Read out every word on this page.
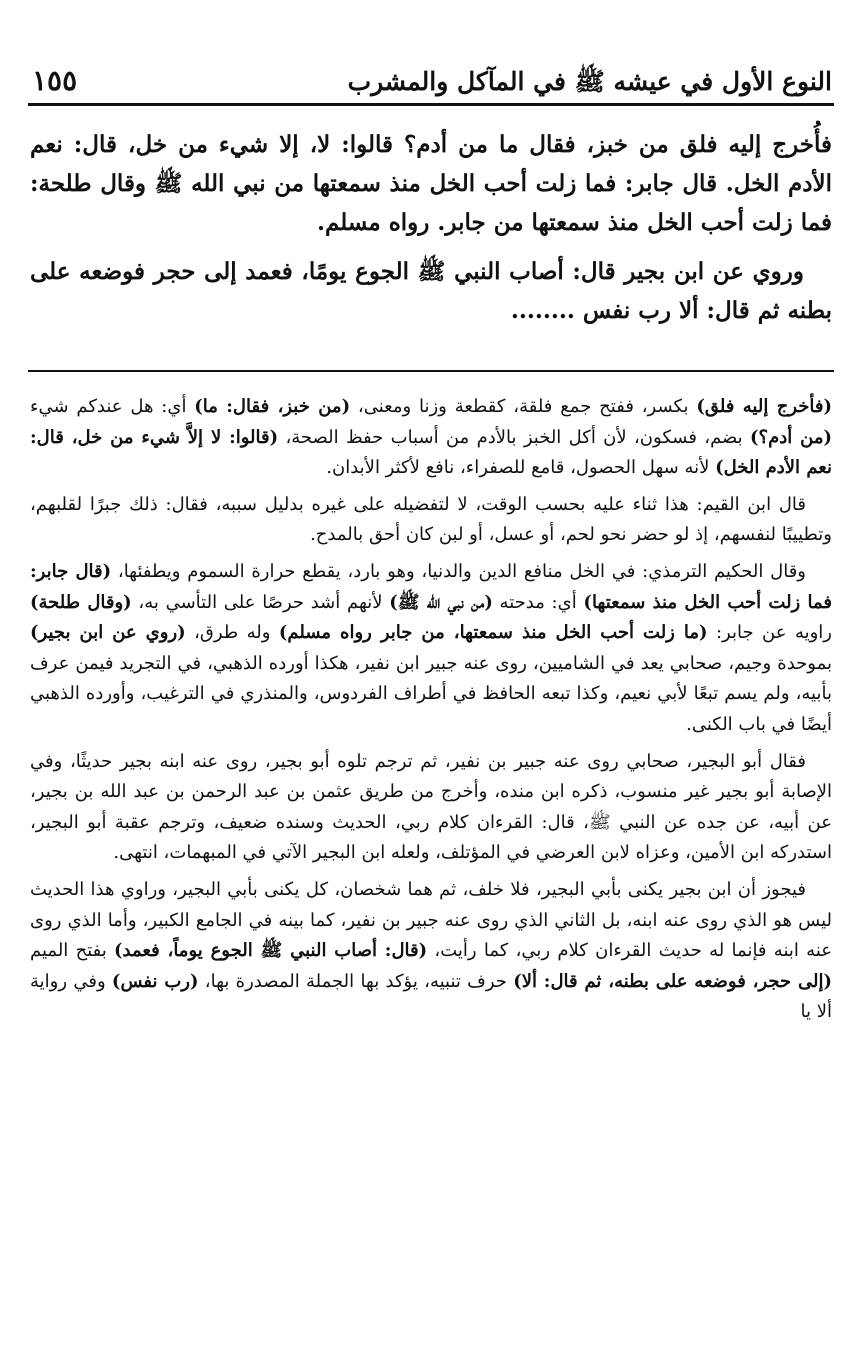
النوع الأول في عيشه ﷺ في المآكل والمشرب
١٥٥

فأُخرج إليه فلق من خبز، فقال ما من أدم؟ قالوا: لا، إلا شيء من خل، قال: نعم الأدم الخل. قال جابر: فما زلت أحب الخل منذ سمعتها من نبي الله ﷺ وقال طلحة: فما زلت أحب الخل منذ سمعتها من جابر. رواه مسلم.

وروي عن ابن بجير قال: أصاب النبي ﷺ الجوع يومًا، فعمد إلى حجر فوضعه على بطنه ثم قال: ألا رب نفس ........

(فأخرج إليه فلق) بكسر، ففتح جمع فلقة، كقطعة وزنا ومعنى، (من خبز، فقال: ما) أي: هل عندكم شيء (من أدم؟) بضم، فسكون، لأن أكل الخبز بالأدم من أسباب حفظ الصحة، (قالوا: لا إلاَّ شيء من خل، قال: نعم الأدم الخل) لأنه سهل الحصول، قامع للصفراء، نافع لأكثر الأبدان.

قال ابن القيم: هذا ثناء عليه بحسب الوقت، لا لتفضيله على غيره بدليل سببه، فقال: ذلك جبرًا لقلبهم، وتطييبًا لنفسهم، إذ لو حضر نحو لحم، أو عسل، أو لبن كان أحق بالمدح.

وقال الحكيم الترمذي: في الخل منافع الدين والدنيا، وهو بارد، يقطع حرارة السموم ويطفئها، (قال جابر: فما زلت أحب الخل منذ سمعتها) أي: مدحته (من نبي الله ﷺ) لأنهم أشد حرصًا على التأسي به، (وقال طلحة) راويه عن جابر: (ما زلت أحب الخل منذ سمعتها، من جابر رواه مسلم) وله طرق، (روي عن ابن بجير) بموحدة وجيم، صحابي يعد في الشاميين، روى عنه جبير ابن نفير، هكذا أورده الذهبي، في التجريد فيمن عرف بأبيه، ولم يسم تبعًا لأبي نعيم، وكذا تبعه الحافظ في أطراف الفردوس، والمنذري في الترغيب، وأورده الذهبي أيضًا في باب الكنى.

فقال أبو البجير، صحابي روى عنه جبير بن نفير، ثم ترجم تلوه أبو بجير، روى عنه ابنه بجير حديثًا، وفي الإصابة أبو بجير غير منسوب، ذكره ابن منده، وأخرج من طريق عثمن بن عبد الرحمن بن عبد الله بن بجير، عن أبيه، عن جده عن النبي ﷺ، قال: القرءان كلام ربي، الحديث وسنده ضعيف، وترجم عقبة أبو البجير، استدركه ابن الأمين، وعزاه لابن العرضي في المؤتلف، ولعله ابن البجير الآتي في المبهمات، انتهى.

فيجوز أن ابن بجير يكنى بأبي البجير، فلا خلف، ثم هما شخصان، كل يكنى بأبي البجير، وراوي هذا الحديث ليس هو الذي روى عنه ابنه، بل الثاني الذي روى عنه جبير بن نفير، كما بينه في الجامع الكبير، وأما الذي روى عنه ابنه فإنما له حديث القرءان كلام ربي، كما رأيت، (قال: أصاب النبي ﷺ الجوع يوماً، فعمد) بفتح الميم (إلى حجر، فوضعه على بطنه، ثم قال: ألا) حرف تنبيه، يؤكد بها الجملة المصدرة بها، (رب نفس) وفي رواية ألا يا
